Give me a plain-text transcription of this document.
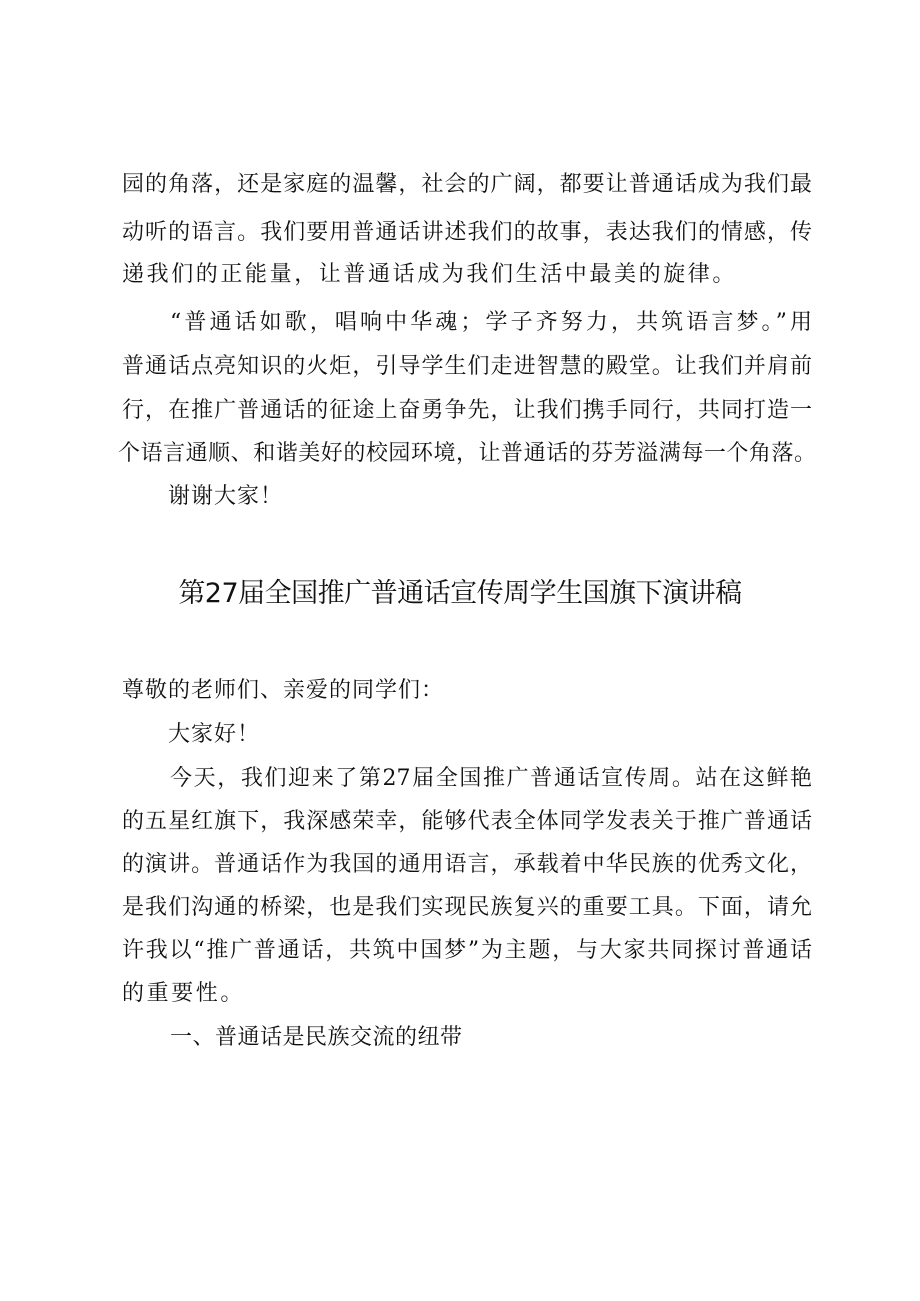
园的角落，还是家庭的温馨，社会的广阔，都要让普通话成为我们最
动听的语言。我们要用普通话讲述我们的故事，表达我们的情感，传
递我们的正能量，让普通话成为我们生活中最美的旋律。
“普通话如歌，唱响中华魂；学子齐努力，共筑语言梦。”用
普通话点亮知识的火炬，引导学生们走进智慧的殿堂。让我们并肩前
行，在推广普通话的征途上奋勇争先，让我们携手同行，共同打造一
个语言通顺、和谐美好的校园环境，让普通话的芬芳溢满每一个角落。
谢谢大家！
第27届全国推广普通话宣传周学生国旗下演讲稿
尊敬的老师们、亲爱的同学们：
大家好！
今天，我们迎来了第27届全国推广普通话宣传周。站在这鲜艳
的五星红旗下，我深感荣幸，能够代表全体同学发表关于推广普通话
的演讲。普通话作为我国的通用语言，承载着中华民族的优秀文化，
是我们沟通的桥梁，也是我们实现民族复兴的重要工具。下面，请允
许我以“推广普通话，共筑中国梦”为主题，与大家共同探讨普通话
的重要性。
一、普通话是民族交流的纽带
